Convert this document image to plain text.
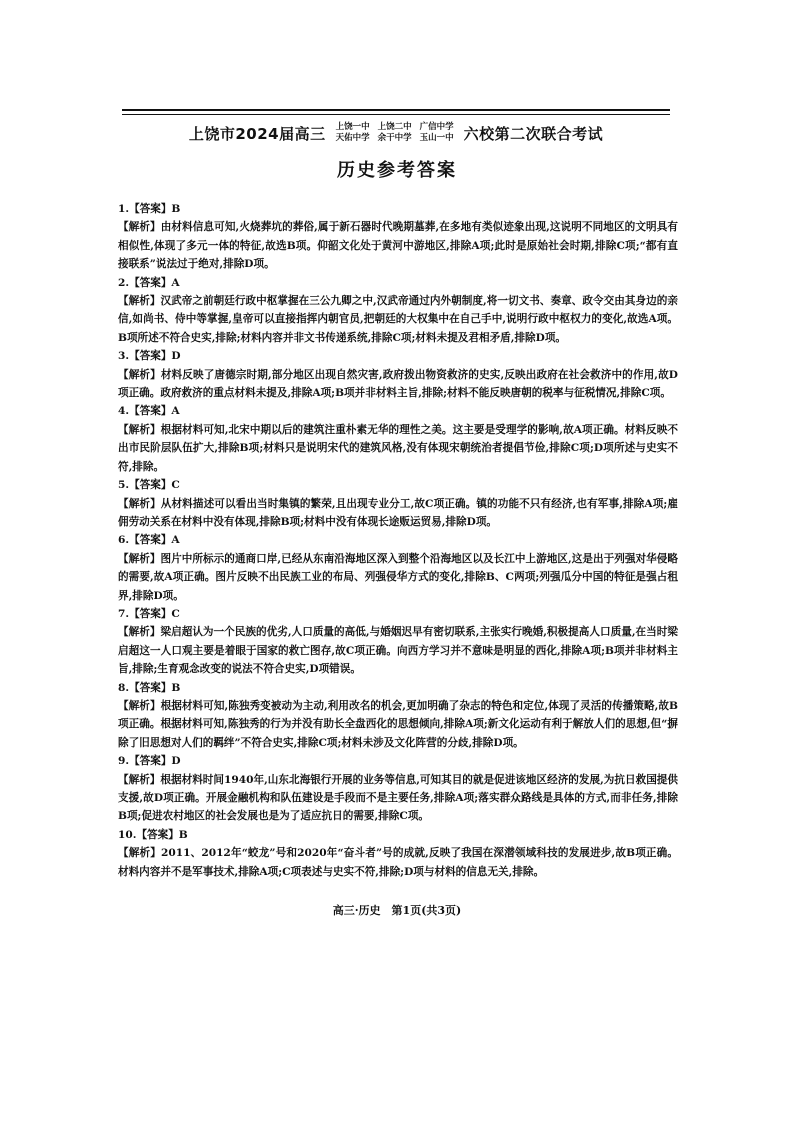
上饶市2024届高三 上饶一中
天佑中学
上饶二中
余干中学
广信中学
玉山一中 六校第二次联合考试
历史参考答案
1.【答案】B
【解析】由材料信息可知,火烧葬坑的葬俗,属于新石器时代晚期墓葬,在多地有类似迹象出现,这说明不同地区的文明具有相似性,体现了多元一体的特征,故选B项。仰韶文化处于黄河中游地区,排除A项;此时是原始社会时期,排除C项;“都有直接联系”说法过于绝对,排除D项。
2.【答案】A
【解析】汉武帝之前朝廷行政中枢掌握在三公九卿之中,汉武帝通过内外朝制度,将一切文书、奏章、政令交由其身边的亲信,如尚书、侍中等掌握,皇帝可以直接指挥内朝官员,把朝廷的大权集中在自己手中,说明行政中枢权力的变化,故选A项。B项所述不符合史实,排除;材料内容并非文书传递系统,排除C项;材料未提及君相矛盾,排除D项。
3.【答案】D
【解析】材料反映了唐德宗时期,部分地区出现自然灾害,政府拨出物资救济的史实,反映出政府在社会救济中的作用,故D项正确。政府救济的重点材料未提及,排除A项;B项并非材料主旨,排除;材料不能反映唐朝的税率与征税情况,排除C项。
4.【答案】A
【解析】根据材料可知,北宋中期以后的建筑注重朴素无华的理性之美。这主要是受理学的影响,故A项正确。材料反映不出市民阶层队伍扩大,排除B项;材料只是说明宋代的建筑风格,没有体现宋朝统治者提倡节俭,排除C项;D项所述与史实不符,排除。
5.【答案】C
【解析】从材料描述可以看出当时集镇的繁荣,且出现专业分工,故C项正确。镇的功能不只有经济,也有军事,排除A项;雇佣劳动关系在材料中没有体现,排除B项;材料中没有体现长途贩运贸易,排除D项。
6.【答案】A
【解析】图片中所标示的通商口岸,已经从东南沿海地区深入到整个沿海地区以及长江中上游地区,这是出于列强对华侵略的需要,故A项正确。图片反映不出民族工业的布局、列强侵华方式的变化,排除B、C两项;列强瓜分中国的特征是强占租界,排除D项。
7.【答案】C
【解析】梁启超认为一个民族的优劣,人口质量的高低,与婚姻迟早有密切联系,主张实行晚婚,积极提高人口质量,在当时梁启超这一人口观主要是着眼于国家的救亡图存,故C项正确。向西方学习并不意味是明显的西化,排除A项;B项并非材料主旨,排除;生育观念改变的说法不符合史实,D项错误。
8.【答案】B
【解析】根据材料可知,陈独秀变被动为主动,利用改名的机会,更加明确了杂志的特色和定位,体现了灵活的传播策略,故B项正确。根据材料可知,陈独秀的行为并没有助长全盘西化的思想倾向,排除A项;新文化运动有利于解放人们的思想,但“摒除了旧思想对人们的羁绊”不符合史实,排除C项;材料未涉及文化阵营的分歧,排除D项。
9.【答案】D
【解析】根据材料时间1940年,山东北海银行开展的业务等信息,可知其目的就是促进该地区经济的发展,为抗日救国提供支援,故D项正确。开展金融机构和队伍建设是手段而不是主要任务,排除A项;落实群众路线是具体的方式,而非任务,排除B项;促进农村地区的社会发展也是为了适应抗日的需要,排除C项。
10.【答案】B
【解析】2011、2012年“蛟龙”号和2020年“奋斗者”号的成就,反映了我国在深潜领域科技的发展进步,故B项正确。材料内容并不是军事技术,排除A项;C项表述与史实不符,排除;D项与材料的信息无关,排除。
高三·历史　第1页(共3页)
